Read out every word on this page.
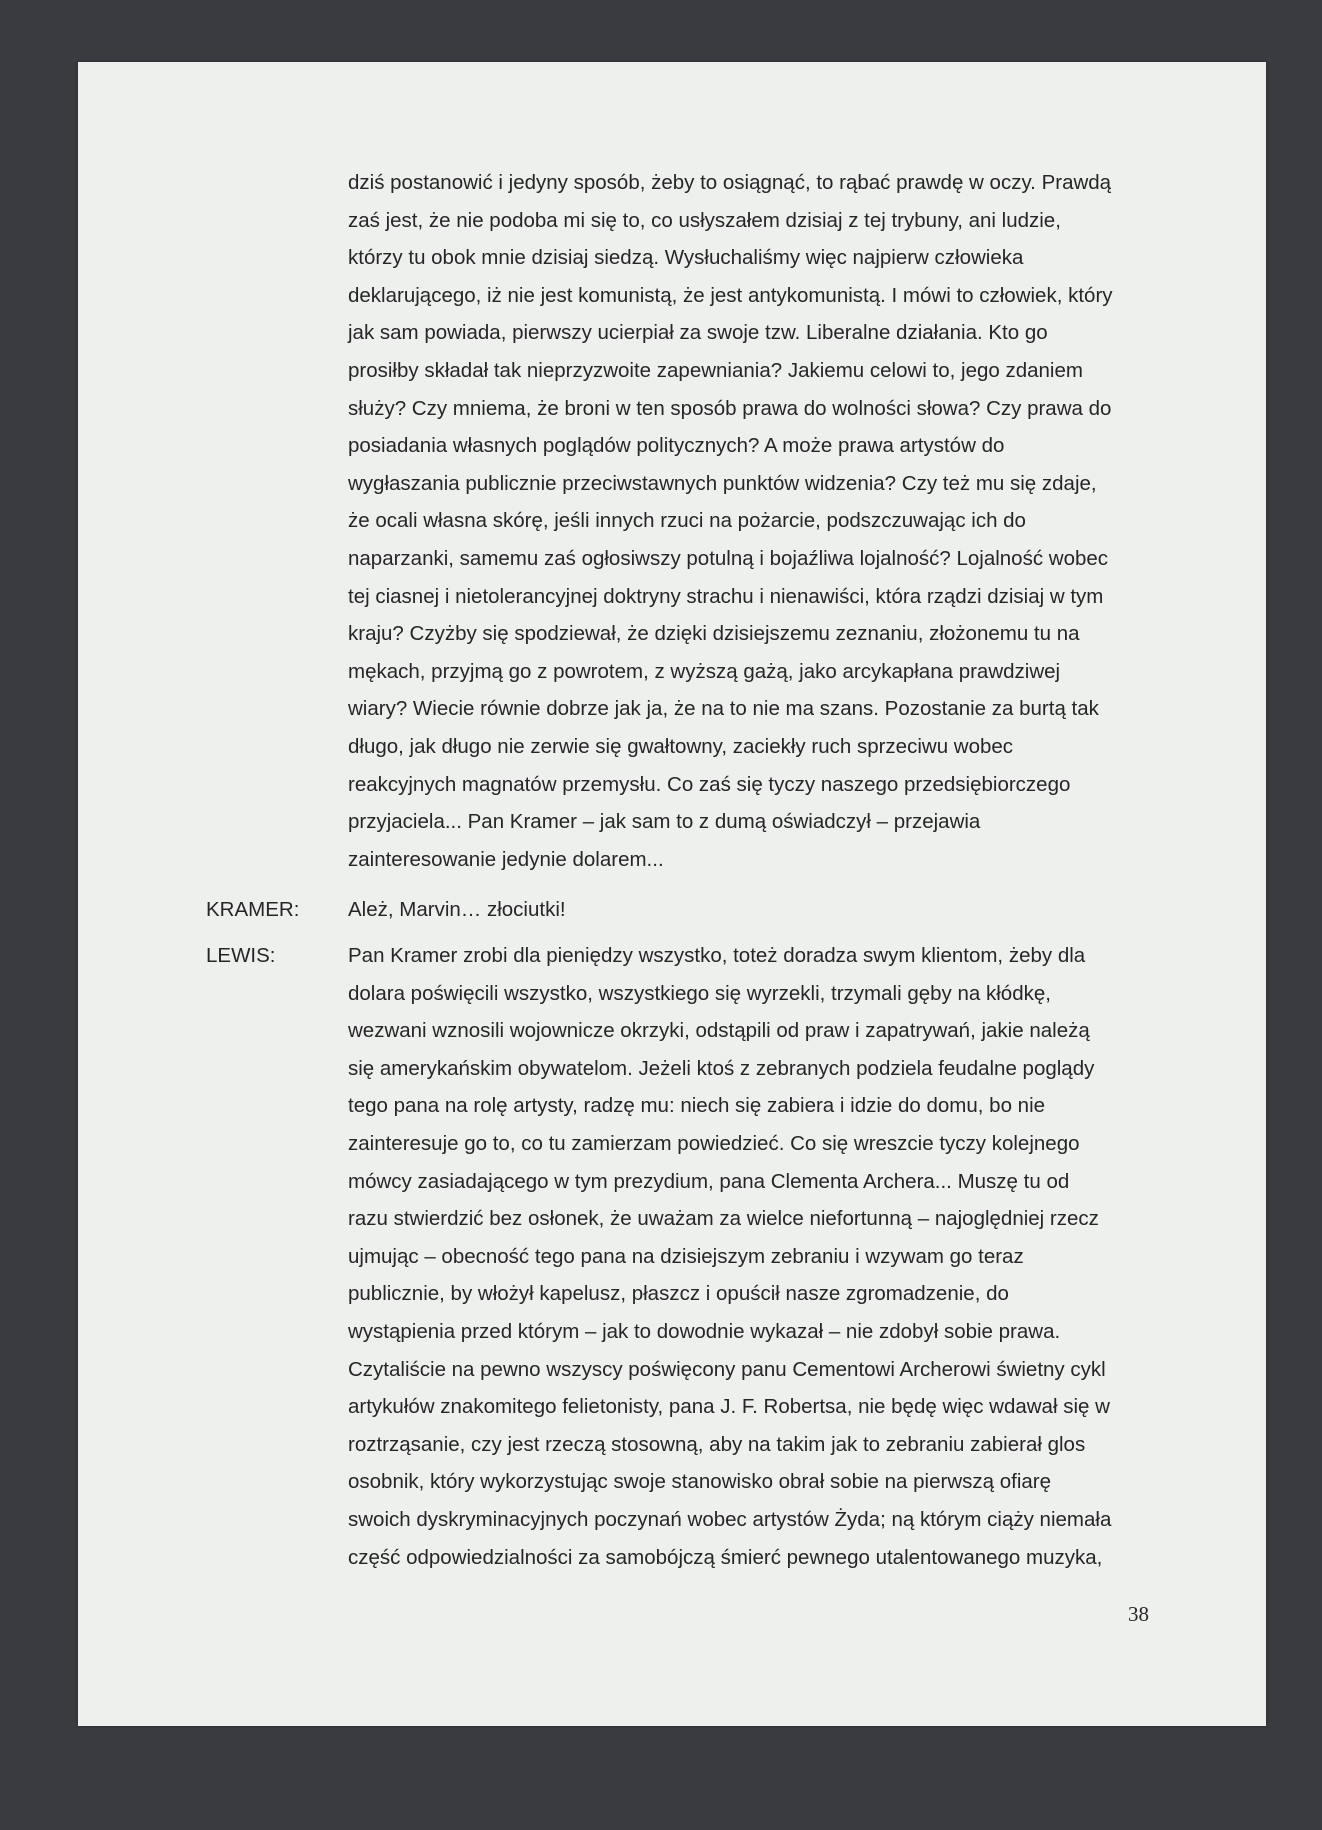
dziś postanowić i jedyny sposób, żeby to osiągnąć, to rąbać prawdę w oczy. Prawdą
zaś jest, że nie podoba mi się to, co usłyszałem dzisiaj z tej trybuny, ani ludzie,
którzy tu obok mnie dzisiaj siedzą. Wysłuchaliśmy więc najpierw człowieka
deklarującego, iż nie jest komunistą, że jest antykomunistą. I mówi to człowiek, który
jak sam powiada, pierwszy ucierpiał za swoje tzw. Liberalne działania. Kto go
prosiłby składał tak nieprzyzwoite zapewniania? Jakiemu celowi to, jego zdaniem
służy? Czy mniema, że broni w ten sposób prawa do wolności słowa? Czy prawa do
posiadania własnych poglądów politycznych? A może prawa artystów do
wygłaszania publicznie przeciwstawnych punktów widzenia? Czy też mu się zdaje,
że ocali własna skórę, jeśli innych rzuci na pożarcie, podszczuwając ich do
naparzanki, samemu zaś ogłosiwszy potulną i bojaźliwa lojalność? Lojalność wobec
tej ciasnej i nietolerancyjnej doktryny strachu i nienawiści, która rządzi dzisiaj w tym
kraju? Czyżby się spodziewał, że dzięki dzisiejszemu zeznaniu, złożonemu tu na
mękach, przyjmą go z powrotem, z wyższą gażą, jako arcykapłana prawdziwej
wiary? Wiecie równie dobrze jak ja, że na to nie ma szans. Pozostanie za burtą tak
długo, jak długo nie zerwie się gwałtowny, zaciekły ruch sprzeciwu wobec
reakcyjnych magnatów przemysłu. Co zaś się tyczy naszego przedsiębiorczego
przyjaciela... Pan Kramer – jak sam to z dumą oświadczył – przejawia
zainteresowanie jedynie dolarem...
KRAMER: Ależ, Marvin… złociutki!
LEWIS:	Pan Kramer zrobi dla pieniędzy wszystko, toteż doradza swym klientom, żeby dla
dolara poświęcili wszystko, wszystkiego się wyrzekli, trzymali gęby na kłódkę,
wezwani wznosili wojownicze okrzyki, odstąpili od praw i zapatrywań, jakie należą
się amerykańskim obywatelom. Jeżeli ktoś z zebranych podziela feudalne poglądy
tego pana na rolę artysty, radzę mu: niech się zabiera i idzie do domu, bo nie
zainteresuje go to, co tu zamierzam powiedzieć. Co się wreszcie tyczy kolejnego
mówcy zasiadającego w tym prezydium, pana Clementa Archera... Muszę tu od
razu stwierdzić bez osłonek, że uważam za wielce niefortunną – najoględniej rzecz
ujmując – obecność tego pana na dzisiejszym zebraniu i wzywam go teraz
publicznie, by włożył kapelusz, płaszcz i opuścił nasze zgromadzenie, do
wystąpienia przed którym – jak to dowodnie wykazał – nie zdobył sobie prawa.
Czytaliście na pewno wszyscy poświęcony panu Cementowi Archerowi świetny cykl
artykułów znakomitego felietonisty, pana J. F. Robertsa, nie będę więc wdawał się w
roztrząsanie, czy jest rzeczą stosowną, aby na takim jak to zebraniu zabierał glos
osobnik, który wykorzystując swoje stanowisko obrał sobie na pierwszą ofiarę
swoich dyskryminacyjnych poczynań wobec artystów Żyda; ną którym ciąży niemała
część odpowiedzialności za samobójczą śmierć pewnego utalentowanego muzyka,
38
